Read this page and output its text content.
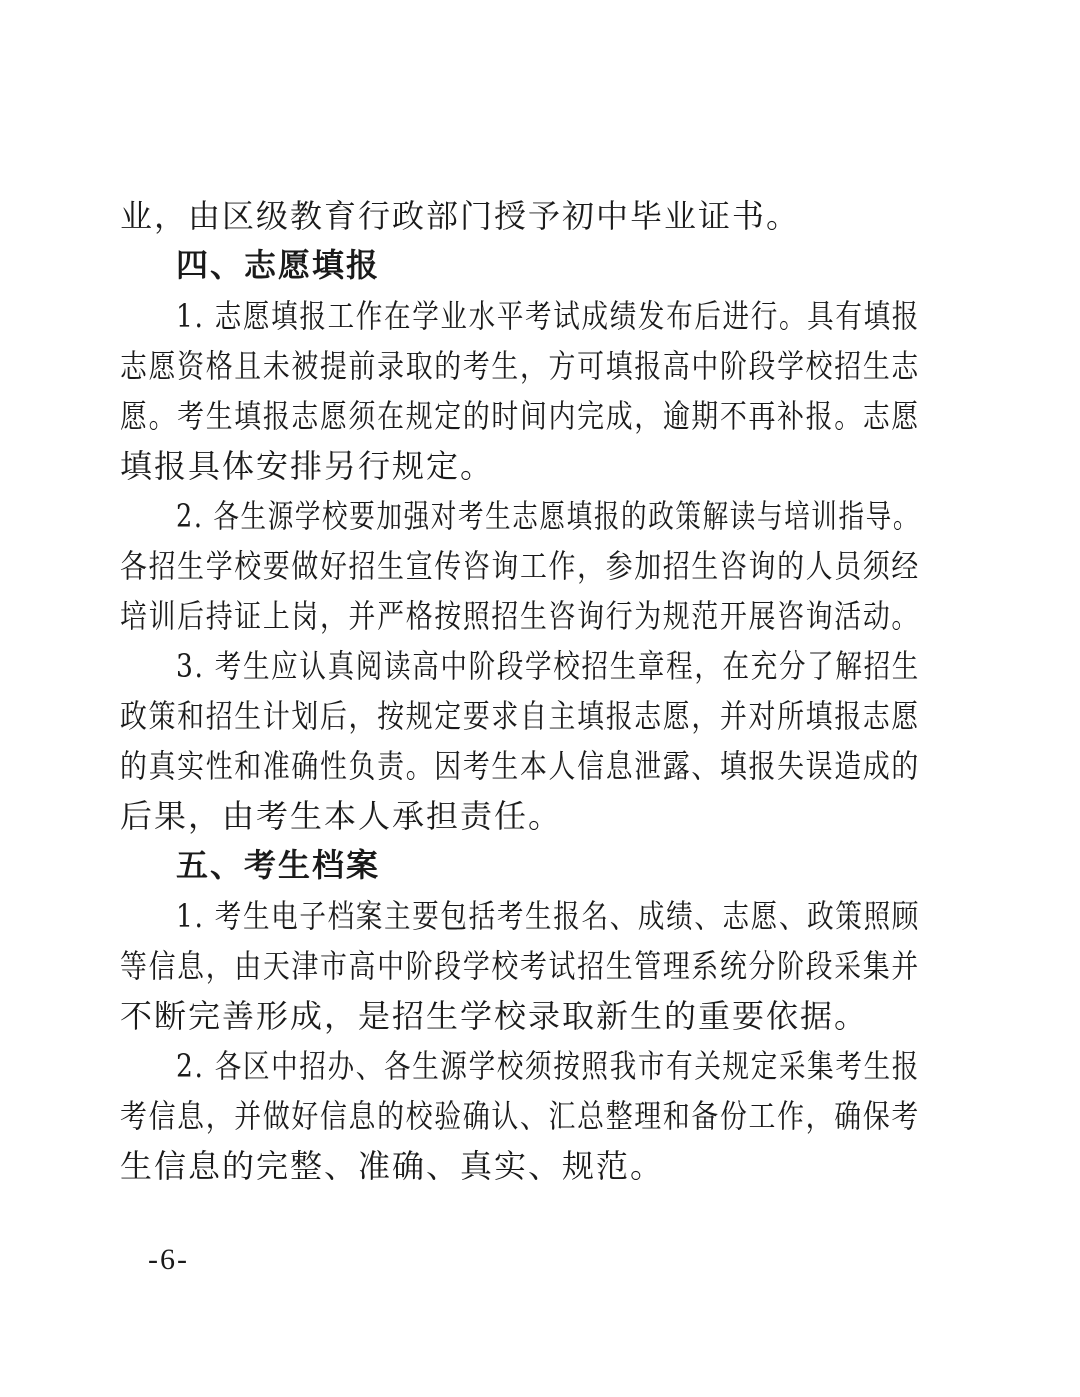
业，由区级教育行政部门授予初中毕业证书。
四、志愿填报
1. 志愿填报工作在学业水平考试成绩发布后进行。具有填报
志愿资格且未被提前录取的考生，方可填报高中阶段学校招生志
愿。考生填报志愿须在规定的时间内完成，逾期不再补报。志愿
填报具体安排另行规定。
2. 各生源学校要加强对考生志愿填报的政策解读与培训指导。
各招生学校要做好招生宣传咨询工作，参加招生咨询的人员须经
培训后持证上岗，并严格按照招生咨询行为规范开展咨询活动。
3. 考生应认真阅读高中阶段学校招生章程，在充分了解招生
政策和招生计划后，按规定要求自主填报志愿，并对所填报志愿
的真实性和准确性负责。因考生本人信息泄露、填报失误造成的
后果，由考生本人承担责任。
五、考生档案
1. 考生电子档案主要包括考生报名、成绩、志愿、政策照顾
等信息，由天津市高中阶段学校考试招生管理系统分阶段采集并
不断完善形成，是招生学校录取新生的重要依据。
2. 各区中招办、各生源学校须按照我市有关规定采集考生报
考信息，并做好信息的校验确认、汇总整理和备份工作，确保考
生信息的完整、准确、真实、规范。
-6-
